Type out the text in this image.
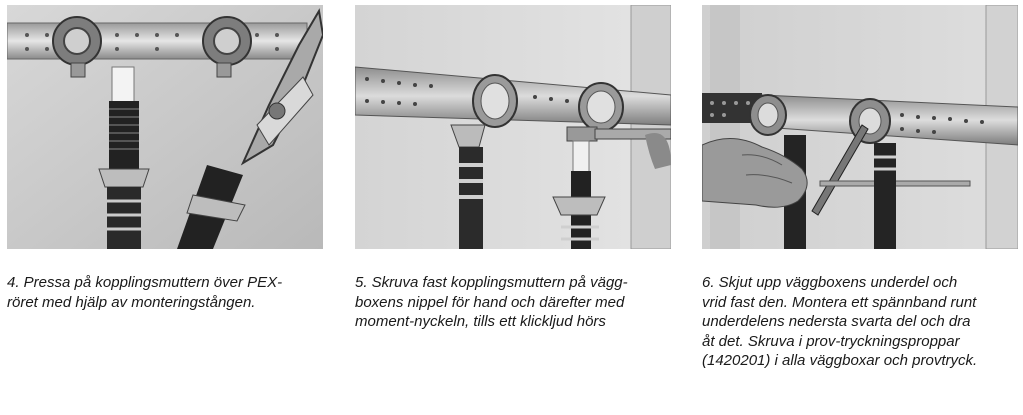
4. Pressa på kopplingsmuttern över PEX-
röret med hjälp av monteringstången.
5. Skruva fast kopplingsmuttern på vägg-
boxens nippel för hand och därefter med
moment-nyckeln, tills ett klickljud hörs
6. Skjut upp väggboxens underdel och
vrid fast den. Montera ett spännband runt
underdelens nedersta svarta del och dra
åt det. Skruva i prov-tryckningsproppar
(1420201) i alla väggboxar och provtryck.
